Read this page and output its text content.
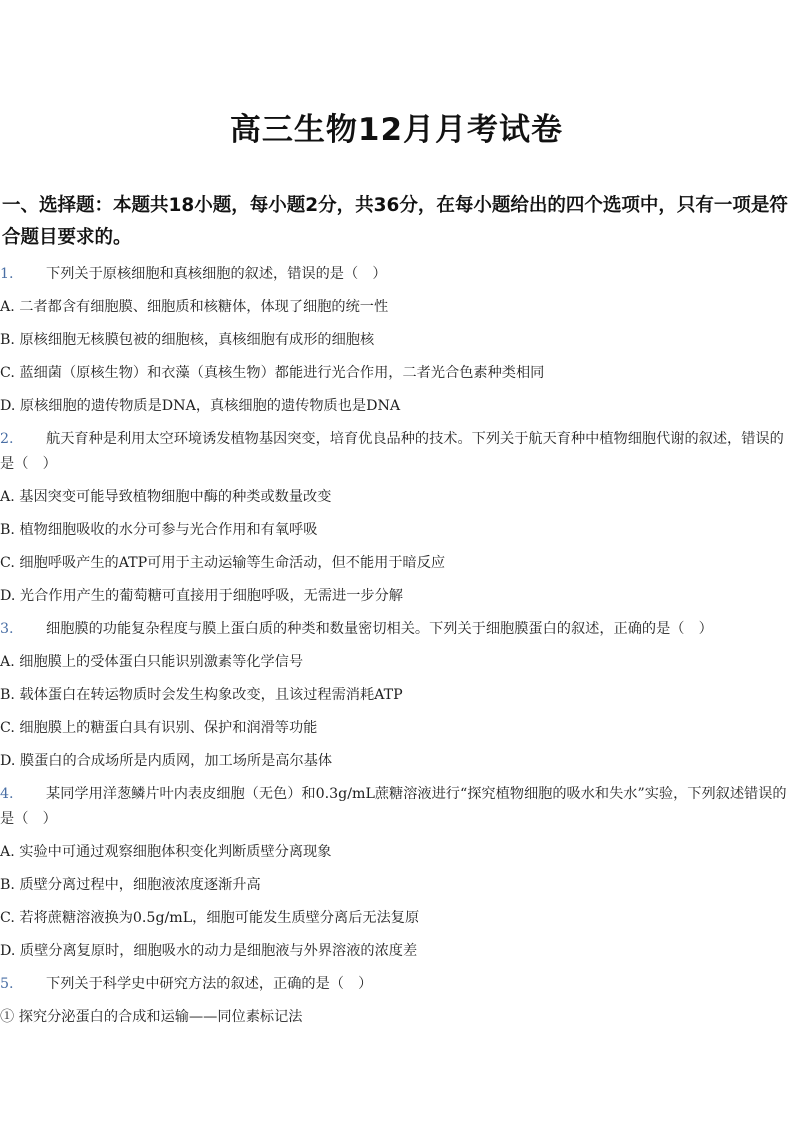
高三生物12月月考试卷
一、选择题：本题共18小题，每小题2分，共36分，在每小题给出的四个选项中，只有一项是符合题目要求的。
1. 下列关于原核细胞和真核细胞的叙述，错误的是（　）
A. 二者都含有细胞膜、细胞质和核糖体，体现了细胞的统一性
B. 原核细胞无核膜包被的细胞核，真核细胞有成形的细胞核
C. 蓝细菌（原核生物）和衣藻（真核生物）都能进行光合作用，二者光合色素种类相同
D. 原核细胞的遗传物质是DNA，真核细胞的遗传物质也是DNA
2. 航天育种是利用太空环境诱发植物基因突变，培育优良品种的技术。下列关于航天育种中植物细胞代谢的叙述，错误的是（　）
A. 基因突变可能导致植物细胞中酶的种类或数量改变
B. 植物细胞吸收的水分可参与光合作用和有氧呼吸
C. 细胞呼吸产生的ATP可用于主动运输等生命活动，但不能用于暗反应
D. 光合作用产生的葡萄糖可直接用于细胞呼吸，无需进一步分解
3. 细胞膜的功能复杂程度与膜上蛋白质的种类和数量密切相关。下列关于细胞膜蛋白的叙述，正确的是（　）
A. 细胞膜上的受体蛋白只能识别激素等化学信号
B. 载体蛋白在转运物质时会发生构象改变，且该过程需消耗ATP
C. 细胞膜上的糖蛋白具有识别、保护和润滑等功能
D. 膜蛋白的合成场所是内质网，加工场所是高尔基体
4. 某同学用洋葱鳞片叶内表皮细胞（无色）和0.3g/mL蔗糖溶液进行“探究植物细胞的吸水和失水”实验，下列叙述错误的是（　）
A. 实验中可通过观察细胞体积变化判断质壁分离现象
B. 质壁分离过程中，细胞液浓度逐渐升高
C. 若将蔗糖溶液换为0.5g/mL，细胞可能发生质壁分离后无法复原
D. 质壁分离复原时，细胞吸水的动力是细胞液与外界溶液的浓度差
5. 下列关于科学史中研究方法的叙述，正确的是（　）
① 探究分泌蛋白的合成和运输——同位素标记法
